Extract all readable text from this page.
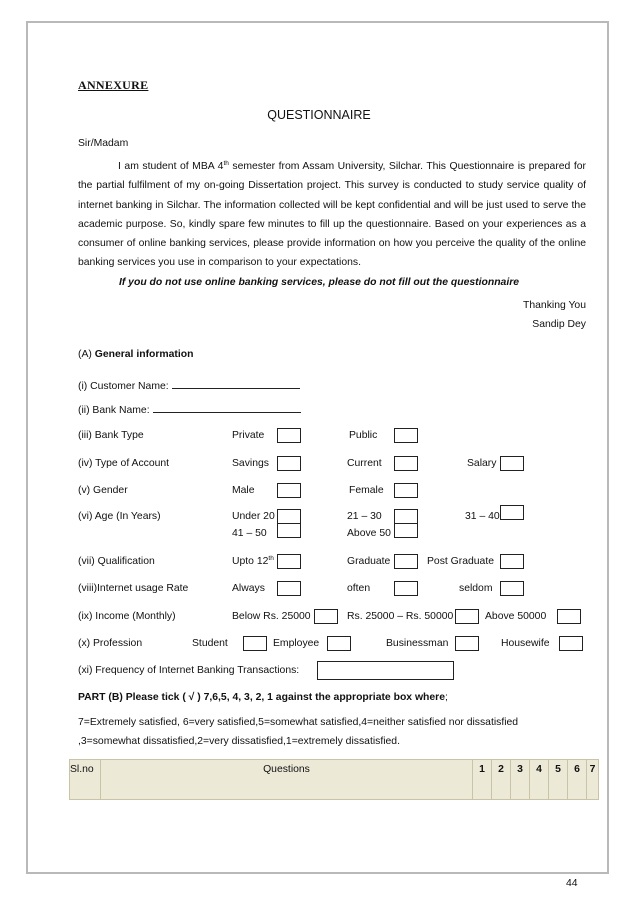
ANNEXURE
QUESTIONNAIRE
Sir/Madam
I am student of MBA 4th semester from Assam University, Silchar. This Questionnaire is prepared for the partial fulfilment of my on-going Dissertation project. This survey is conducted to study service quality of internet banking in Silchar. The information collected will be kept confidential and will be just used to serve the academic purpose. So, kindly spare few minutes to fill up the questionnaire. Based on your experiences as a consumer of online banking services, please provide information on how you perceive the quality of the online banking services you use in comparison to your expectations.
If you do not use online banking services, please do not fill out the questionnaire
Thanking You
Sandip Dey
(A) General information
(i) Customer Name:
(ii) Bank Name:
(iii) Bank Type	Private	Public
(iv) Type of Account	Savings	Current	Salary
(v) Gender	Male	Female
(vi) Age (In Years)	Under 20	21 – 30	31 – 40
41 – 50	Above 50
(vii) Qualification	Upto 12th	Graduate	Post Graduate
(viii)Internet usage Rate	Always	often	seldom
(ix) Income (Monthly)	Below Rs. 25000	Rs. 25000 – Rs. 50000	Above 50000
(x) Profession	Student	Employee	Businessman	Housewife
(xi) Frequency of Internet Banking Transactions:
PART (B) Please tick ( √ ) 7,6,5, 4, 3, 2, 1 against the appropriate box where;
7=Extremely satisfied, 6=very satisfied,5=somewhat satisfied,4=neither satisfied nor dissatisfied
,3=somewhat dissatisfied,2=very dissatisfied,1=extremely dissatisfied.
Sl.no	Questions	1	2	3	4	5	6 7
44
